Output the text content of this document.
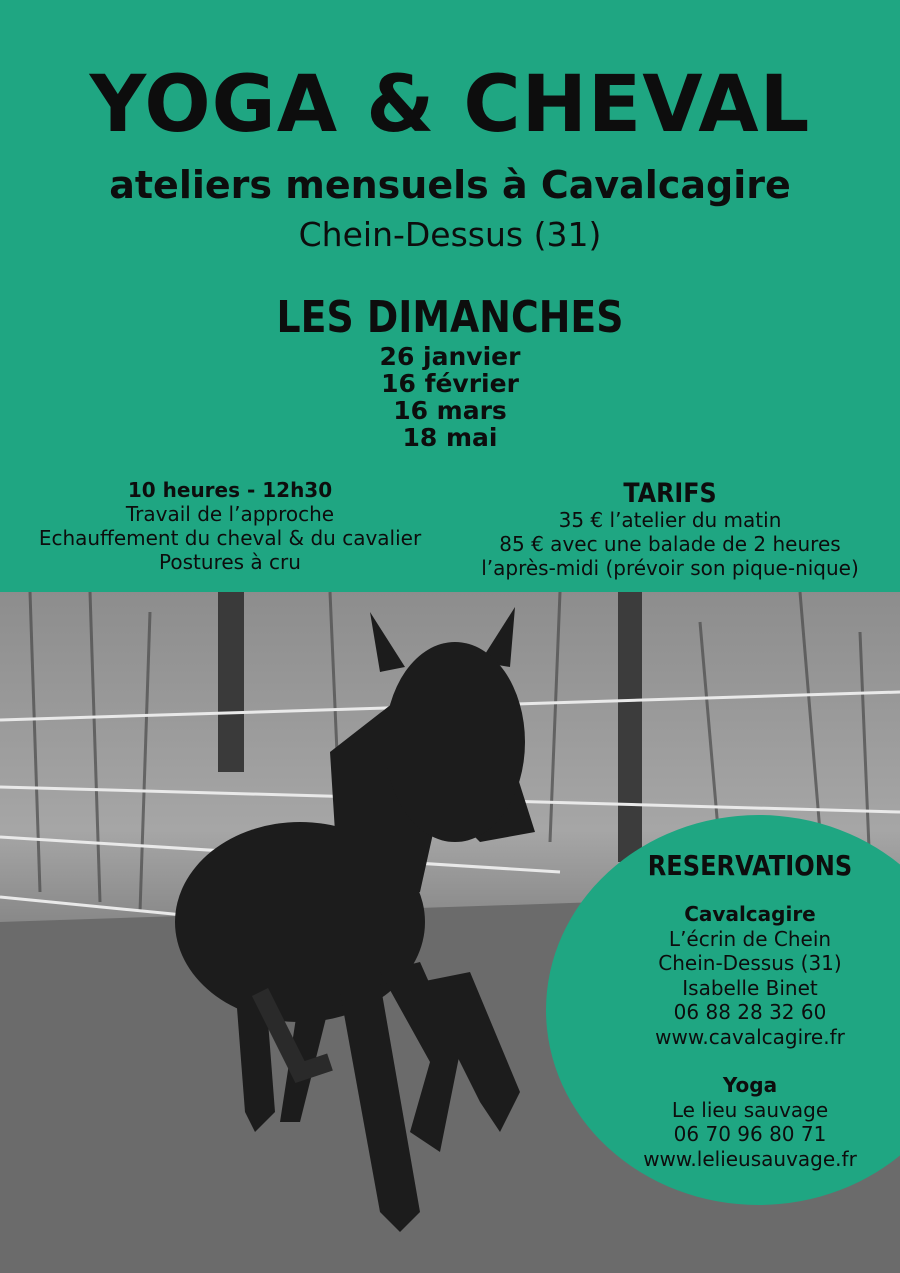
YOGA & CHEVAL
ateliers mensuels à Cavalcagire
Chein-Dessus (31)
LES DIMANCHES
26 janvier
16 février
16 mars
18 mai
10 heures - 12h30
Travail de l’approche
Echauffement du cheval & du cavalier
Postures à cru
TARIFS
35 € l’atelier du matin
85 € avec une balade de 2 heures
l’après-midi (prévoir son pique-nique)
RESERVATIONS
Cavalcagire
L’écrin de Chein
Chein-Dessus (31)
Isabelle Binet
06 88 28 32 60
www.cavalcagire.fr
Yoga
Le lieu sauvage
06 70 96 80 71
www.lelieusauvage.fr
